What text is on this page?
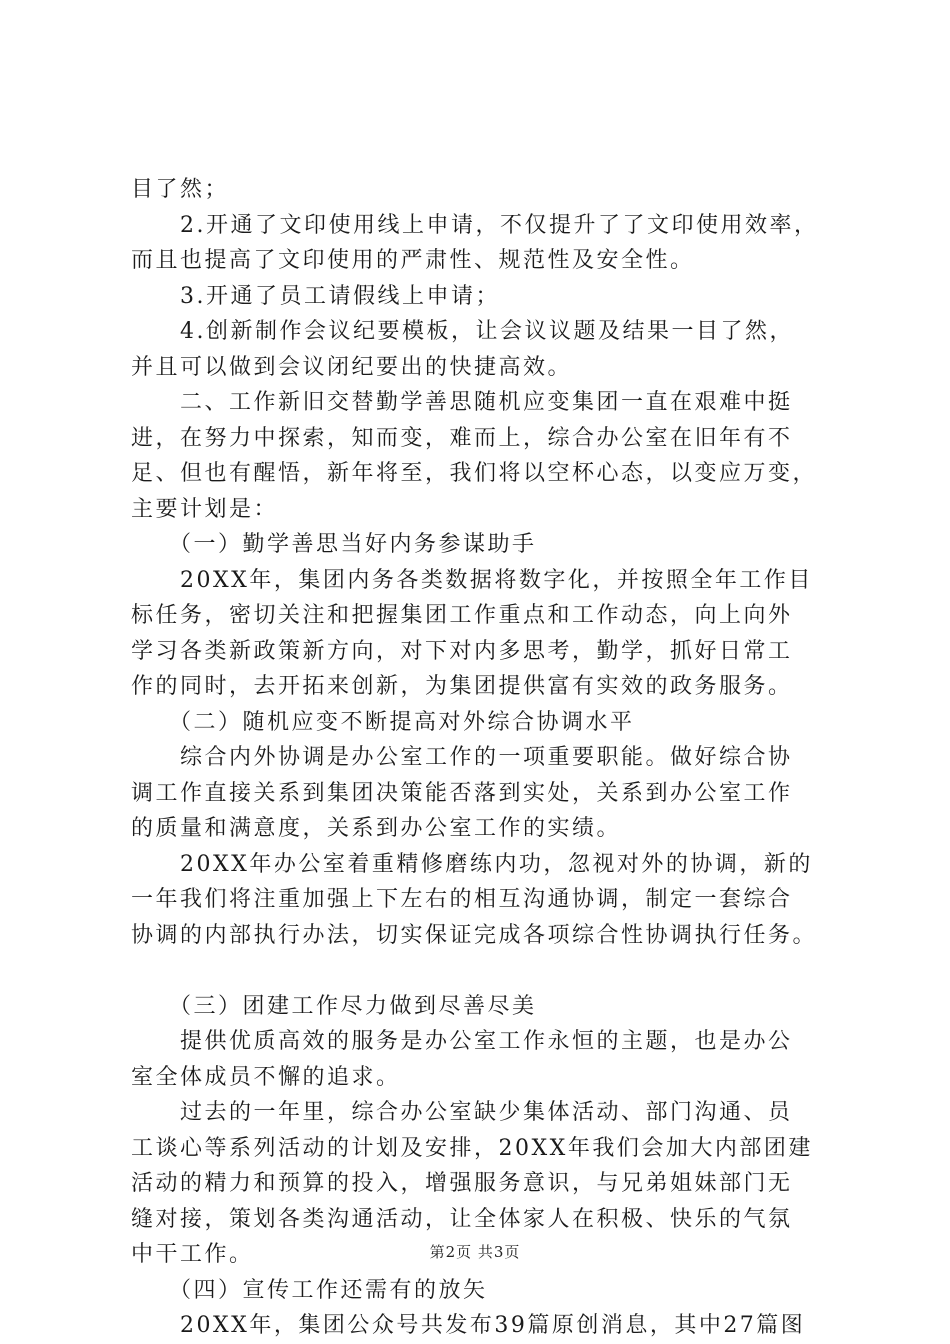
目了然；
　　2.开通了文印使用线上申请，不仅提升了了文印使用效率，
而且也提高了文印使用的严肃性、规范性及安全性。
　　3.开通了员工请假线上申请；
　　4.创新制作会议纪要模板，让会议议题及结果一目了然，
并且可以做到会议闭纪要出的快捷高效。
　　二、工作新旧交替勤学善思随机应变集团一直在艰难中挺
进，在努力中探索，知而变，难而上，综合办公室在旧年有不
足、但也有醒悟，新年将至，我们将以空杯心态，以变应万变，
主要计划是：
　　（一）勤学善思当好内务参谋助手
　　20XX年，集团内务各类数据将数字化，并按照全年工作目
标任务，密切关注和把握集团工作重点和工作动态，向上向外
学习各类新政策新方向，对下对内多思考，勤学，抓好日常工
作的同时，去开拓来创新，为集团提供富有实效的政务服务。
　　（二）随机应变不断提高对外综合协调水平
　　综合内外协调是办公室工作的一项重要职能。做好综合协
调工作直接关系到集团决策能否落到实处，关系到办公室工作
的质量和满意度，关系到办公室工作的实绩。
　　20XX年办公室着重精修磨练内功，忽视对外的协调，新的
一年我们将注重加强上下左右的相互沟通协调，制定一套综合
协调的内部执行办法，切实保证完成各项综合性协调执行任务。
　　（三）团建工作尽力做到尽善尽美
　　提供优质高效的服务是办公室工作永恒的主题，也是办公
室全体成员不懈的追求。
　　过去的一年里，综合办公室缺少集体活动、部门沟通、员
工谈心等系列活动的计划及安排，20XX年我们会加大内部团建
活动的精力和预算的投入，增强服务意识，与兄弟姐妹部门无
缝对接，策划各类沟通活动，让全体家人在积极、快乐的气氛
中干工作。
　　（四）宣传工作还需有的放矢
　　20XX年，集团公众号共发布39篇原创消息，其中27篇图
第2页 共3页
